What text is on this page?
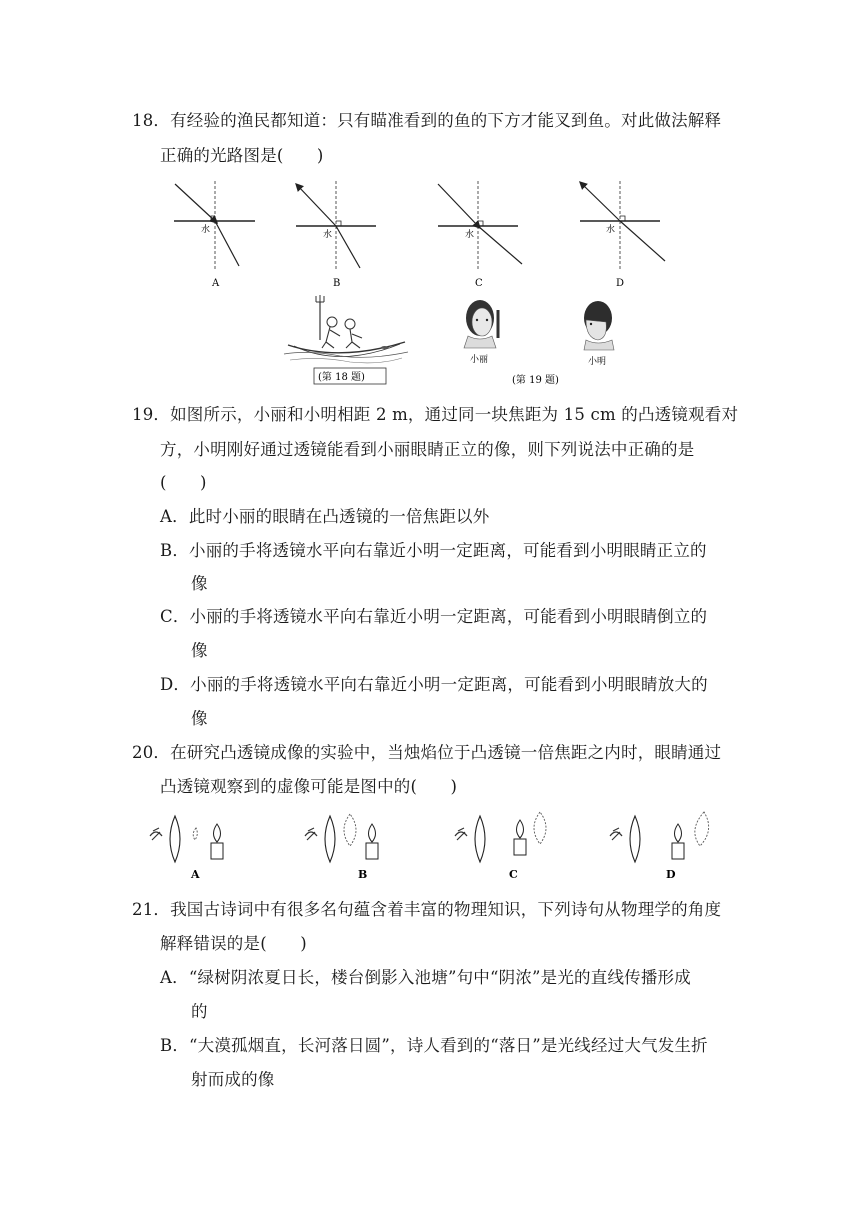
18．有经验的渔民都知道：只有瞄准看到的鱼的下方才能叉到鱼。对此做法解释
正确的光路图是(　　)
水
A
水
B
水
C
水
D
(第 18 题)
小丽	小明
(第 19 题)
19．如图所示，小丽和小明相距 2 m，通过同一块焦距为 15 cm 的凸透镜观看对
方，小明刚好通过透镜能看到小丽眼睛正立的像，则下列说法中正确的是
(　　)
A．此时小丽的眼睛在凸透镜的一倍焦距以外
B．小丽的手将透镜水平向右靠近小明一定距离，可能看到小明眼睛正立的
像
C．小丽的手将透镜水平向右靠近小明一定距离，可能看到小明眼睛倒立的
像
D．小丽的手将透镜水平向右靠近小明一定距离，可能看到小明眼睛放大的
像
20．在研究凸透镜成像的实验中，当烛焰位于凸透镜一倍焦距之内时，眼睛通过
凸透镜观察到的虚像可能是图中的(　　)
A	B	C	D
21．我国古诗词中有很多名句蕴含着丰富的物理知识，下列诗句从物理学的角度
解释错误的是(　　)
A．“绿树阴浓夏日长，楼台倒影入池塘”句中“阴浓”是光的直线传播形成
的
B．“大漠孤烟直，长河落日圆”，诗人看到的“落日”是光线经过大气发生折
射而成的像
